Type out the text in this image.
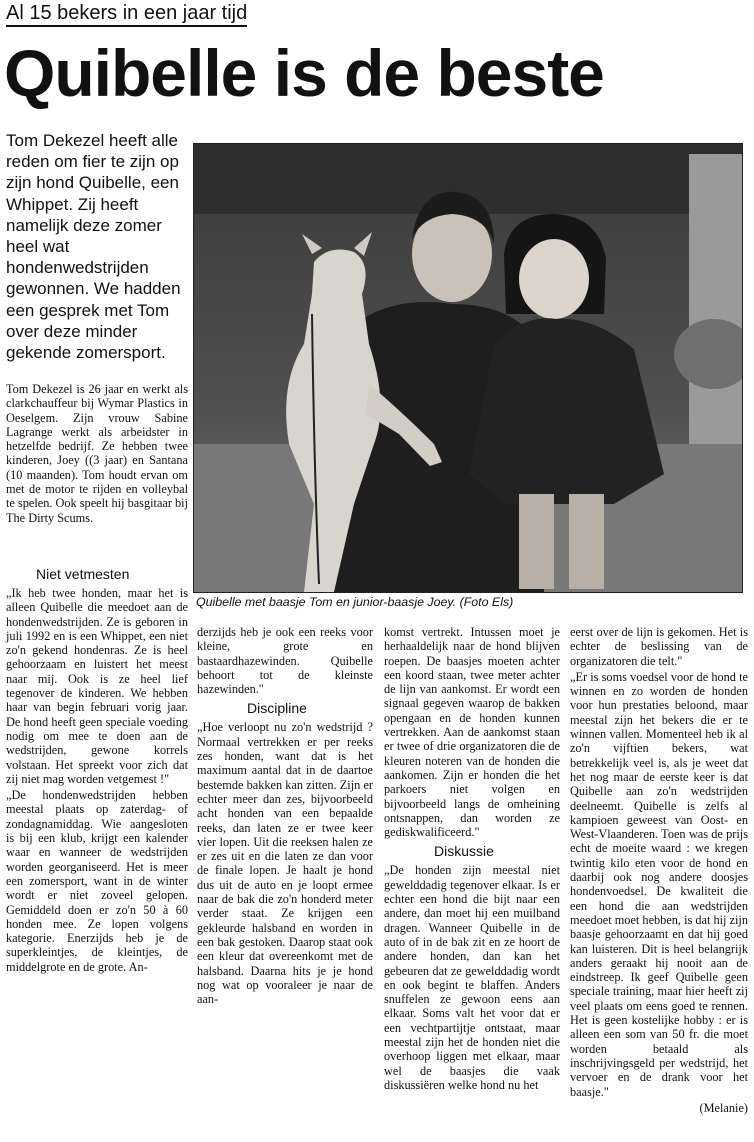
Al 15 bekers in een jaar tijd
Quibelle is de beste
Tom Dekezel heeft alle reden om fier te zijn op zijn hond Quibelle, een Whippet. Zij heeft namelijk deze zomer heel wat hondenwedstrijden gewonnen. We hadden een gesprek met Tom over deze minder gekende zomersport.
Quibelle met baasje Tom en junior-baasje Joey. (Foto Els)
Tom Dekezel is 26 jaar en werkt als clarkchauffeur bij Wymar Plastics in Oeselgem. Zijn vrouw Sabine Lagrange werkt als arbeidster in hetzelfde bedrijf. Ze hebben twee kinderen, Joey ((3 jaar) en Santana (10 maanden). Tom houdt ervan om met de motor te rijden en volleybal te spelen. Ook speelt hij basgitaar bij The Dirty Scums.
Niet vetmesten

„Ik heb twee honden, maar het is alleen Quibelle die meedoet aan de hondenwedstrijden. Ze is geboren in juli 1992 en is een Whippet, een niet zo'n gekend hondenras. Ze is heel gehoorzaam en luistert het meest naar mij. Ook is ze heel lief tegenover de kinderen. We hebben haar van begin februari vorig jaar. De hond heeft geen speciale voeding nodig om mee te doen aan de wedstrijden, gewone korrels volstaan. Het spreekt voor zich dat zij niet mag worden vetgemest !"

„De hondenwedstrijden hebben meestal plaats op zaterdag- of zondagnamiddag. Wie aangesloten is bij een klub, krijgt een kalender waar en wanneer de wedstrijden worden georganiseerd. Het is meer een zomersport, want in de winter wordt er niet zoveel gelopen. Gemiddeld doen er zo'n 50 à 60 honden mee. Ze lopen volgens kategorie. Enerzijds heb je de superkleintjes, de kleintjes, de middelgrote en de grote. An-

derzijds heb je ook een reeks voor kleine, grote en bastaardhazewinden. Quibelle behoort tot de kleinste hazewinden."

Discipline

„Hoe verloopt nu zo'n wedstrijd ? Normaal vertrekken er per reeks zes honden, want dat is het maximum aantal dat in de daartoe bestemde bakken kan zitten. Zijn er echter meer dan zes, bijvoorbeeld acht honden van een bepaalde reeks, dan laten ze er twee keer vier lopen. Uit die reeksen halen ze er zes uit en die laten ze dan voor de finale lopen. Je haalt je hond dus uit de auto en je loopt ermee naar de bak die zo'n honderd meter verder staat. Ze krijgen een gekleurde halsband en worden in een bak gestoken. Daarop staat ook een kleur dat overeenkomt met de halsband. Daarna hits je je hond nog wat op vooraleer je naar de aan-

komst vertrekt. Intussen moet je herhaaldelijk naar de hond blijven roepen. De baasjes moeten achter een koord staan, twee meter achter de lijn van aankomst. Er wordt een signaal gegeven waarop de bakken opengaan en de honden kunnen vertrekken. Aan de aankomst staan er twee of drie organizatoren die de kleuren noteren van de honden die aankomen. Zijn er honden die het parkoers niet volgen en bijvoorbeeld langs de omheining ontsnappen, dan worden ze gediskwalificeerd."

Diskussie

„De honden zijn meestal niet gewelddadig tegenover elkaar. Is er echter een hond die bijt naar een andere, dan moet hij een muilband dragen. Wanneer Quibelle in de auto of in de bak zit en ze hoort de andere honden, dan kan het gebeuren dat ze gewelddadig wordt en ook begint te blaffen. Anders snuffelen ze gewoon eens aan elkaar. Soms valt het voor dat er een vechtpartijtje ontstaat, maar meestal zijn het de honden niet die overhoop liggen met elkaar, maar wel de baasjes die vaak diskussiëren welke hond nu het

eerst over de lijn is gekomen. Het is echter de beslissing van de organizatoren die telt."

„Er is soms voedsel voor de hond te winnen en zo worden de honden voor hun prestaties beloond, maar meestal zijn het bekers die er te winnen vallen. Momenteel heb ik al zo'n vijftien bekers, wat betrekkelijk veel is, als je weet dat het nog maar de eerste keer is dat Quibelle aan zo'n wedstrijden deelneemt. Quibelle is zelfs al kampioen geweest van Oost- en West-Vlaanderen. Toen was de prijs echt de moeite waard : we kregen twintig kilo eten voor de hond en daarbij ook nog andere doosjes hondenvoedsel. De kwaliteit die een hond die aan wedstrijden meedoet moet hebben, is dat hij zijn baasje gehoorzaamt en dat hij goed kan luisteren. Dit is heel belangrijk anders geraakt hij nooit aan de eindstreep. Ik geef Quibelle geen speciale training, maar hier heeft zij veel plaats om eens goed te rennen. Het is geen kostelijke hobby : er is alleen een som van 50 fr. die moet worden betaald als inschrijvingsgeld per wedstrijd, het vervoer en de drank voor het baasje."

(Melanie)
